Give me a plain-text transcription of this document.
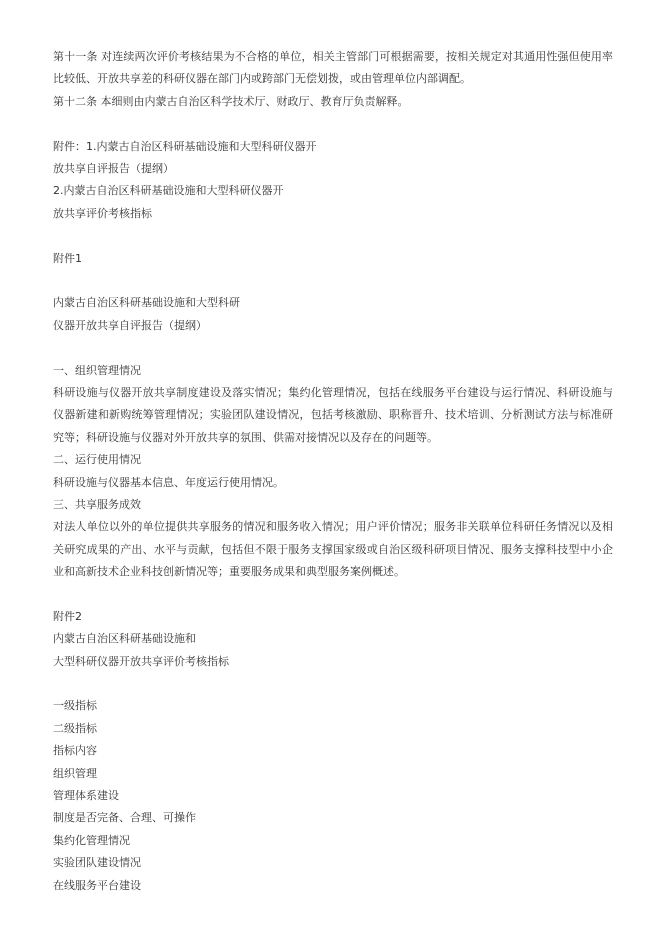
第十一条 对连续两次评价考核结果为不合格的单位，相关主管部门可根据需要，按相关规定对其通用性强但使用率比较低、开放共享差的科研仪器在部门内或跨部门无偿划拨，或由管理单位内部调配。
第十二条 本细则由内蒙古自治区科学技术厅、财政厅、教育厅负责解释。
附件：1.内蒙古自治区科研基础设施和大型科研仪器开
放共享自评报告（提纲）
2.内蒙古自治区科研基础设施和大型科研仪器开
放共享评价考核指标
附件1
内蒙古自治区科研基础设施和大型科研
仪器开放共享自评报告（提纲）
一、组织管理情况
科研设施与仪器开放共享制度建设及落实情况；集约化管理情况，包括在线服务平台建设与运行情况、科研设施与仪器新建和新购统筹管理情况；实验团队建设情况，包括考核激励、职称晋升、技术培训、分析测试方法与标准研究等；科研设施与仪器对外开放共享的氛围、供需对接情况以及存在的问题等。
二、运行使用情况
科研设施与仪器基本信息、年度运行使用情况。
三、共享服务成效
对法人单位以外的单位提供共享服务的情况和服务收入情况；用户评价情况；服务非关联单位科研任务情况以及相关研究成果的产出、水平与贡献，包括但不限于服务支撑国家级或自治区级科研项目情况、服务支撑科技型中小企业和高新技术企业科技创新情况等；重要服务成果和典型服务案例概述。
附件2
内蒙古自治区科研基础设施和
大型科研仪器开放共享评价考核指标
一级指标
二级指标
指标内容
组织管理
管理体系建设
制度是否完备、合理、可操作
集约化管理情况
实验团队建设情况
在线服务平台建设
